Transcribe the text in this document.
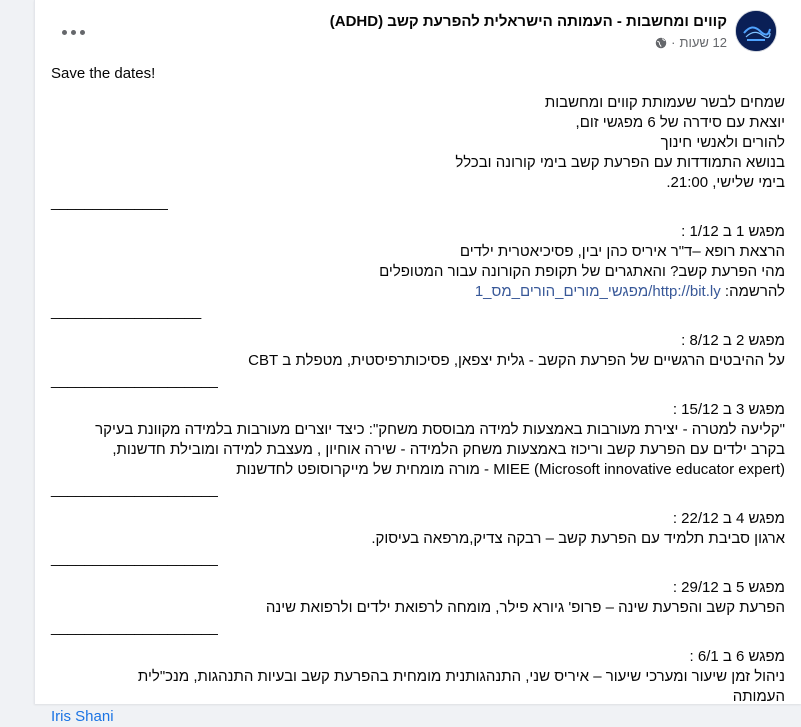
קווים ומחשבות - העמותה הישראלית להפרעת קשב (ADHD)
12 שעות
·
Save the dates!
שמחים לבשר שעמותת קווים ומחשבות
יוצאת עם סידרה של 6 מפגשי זום,
להורים ולאנשי חינוך
בנושא התמודדות עם הפרעת קשב בימי קורונה ובכלל
בימי שלישי, 21:00.
______________
מפגש 1 ב 1/12 :
הרצאת רופא –ד"ר איריס כהן יבין, פסיכיאטרית ילדים
מהי הפרעת קשב? והאתגרים של תקופת הקורונה עבור המטופלים
להרשמה: http://bit.ly/מפגשי_מורים_הורים_מס_1
__________________
מפגש 2 ב 8/12 :
על ההיבטים הרגשיים של הפרעת הקשב - גלית יצפאן, פסיכותרפיסטית, מטפלת ב CBT
____________________
מפגש 3 ב 15/12 :
"קליעה למטרה - יצירת מעורבות באמצעות למידה מבוססת משחק": כיצד יוצרים מעורבות בלמידה מקוונת בעיקר
בקרב ילדים עם הפרעת קשב וריכוז באמצעות משחק הלמידה - שירה אוחיון , מעצבת למידה ומובילת חדשנות,
MIEE (Microsoft innovative educator expert) - מורה מומחית של מייקרוסופט לחדשנות
____________________
מפגש 4 ב 22/12 :
ארגון סביבת תלמיד עם הפרעת קשב – רבקה צדיק,מרפאה בעיסוק.
____________________
מפגש 5 ב 29/12 :
הפרעת קשב והפרעת שינה – פרופ' גיורא פילר, מומחה לרפואת ילדים ולרפואת שינה
____________________
מפגש 6 ב 6/1 :
ניהול זמן שיעור ומערכי שיעור – איריס שני, התנהגותנית מומחית בהפרעת קשב ובעיות התנהגות, מנכ"לית
העמותה
Iris Shani
